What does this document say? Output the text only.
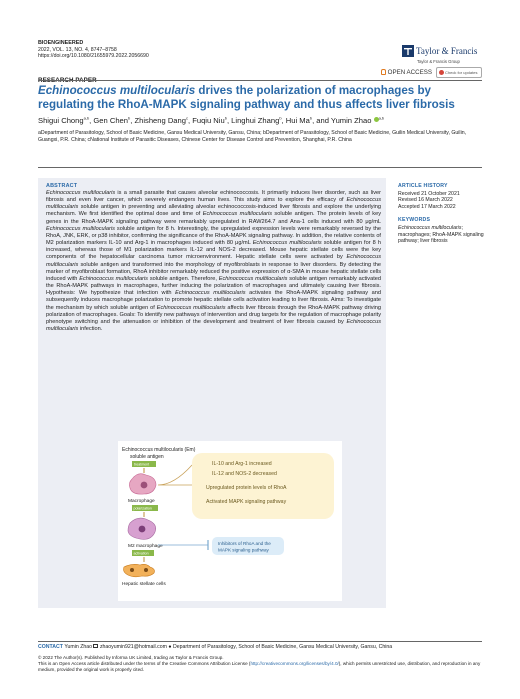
BIOENGINEERED
2022, VOL. 13, NO. 4, 8747–8758
https://doi.org/10.1080/21655979.2022.2056690
Taylor & Francis
Taylor & Francis Group
RESEARCH PAPER
OPEN ACCESS	Check for updates
Echinococcus multilocularis drives the polarization of macrophages by regulating the RhoA-MAPK signaling pathway and thus affects liver fibrosis
Shigui Chong$^{a,b}$, Gen Chen$^b$, Zhisheng Dang$^c$, Fuqiu Niu$^b$, Linghui Zhang$^b$, Hui Ma$^b$, and Yumin Zhao $^{a,b}$
aDepartment of Parasitology, School of Basic Medicine, Gansu Medical University, Gansu, China; bDepartment of Parasitology, School of Basic Medicine, Guilin Medical University, Guilin, Guangxi, P.R. China; cNational Institute of Parasitic Diseases, Chinese Center for Disease Control and Prevention, Shanghai, P.R. China
ABSTRACT
Echinococcus multilocularis is a small parasite that causes alveolar echinococcosis. It primarily induces liver disorder, such as liver fibrosis and even liver cancer, which severely endangers human lives. This study aims to explore the efficacy of Echinococcus multilocularis soluble antigen in preventing and alleviating alveolar echinococcosis-induced liver fibrosis and explore the underlying mechanism. We first identified the optimal dose and time of Echinococcus multilocularis soluble antigen. The protein levels of key genes in the RhoA-MAPK signaling pathway were remarkably upregulated in RAW264.7 and Ana-1 cells induced with 80 μg/mL Echinococcus multilocularis soluble antigen for 8 h. Interestingly, the upregulated expression levels were remarkably reversed by the RhoA, JNK, ERK, or p38 inhibitor, confirming the significance of the RhoA-MAPK signaling pathway. In addition, the relative contents of M2 polarization markers IL-10 and Arg-1 in macrophages induced with 80 μg/mL Echinococcus multilocularis soluble antigen for 8 h increased, whereas those of M1 polarization markers IL-12 and NOS-2 decreased. Mouse hepatic stellate cells were the key components of the hepatocellular carcinoma tumor microenvironment. Hepatic stellate cells were activated by Echinococcus multilocularis soluble antigen and transformed into the morphology of myofibroblasts in response to liver disorders. By detecting the marker of myofibroblast formation, RhoA inhibitor remarkably reduced the positive expression of α-SMA in mouse hepatic stellate cells induced with Echinococcus multilocularis soluble antigen. Therefore, Echinococcus multilocularis soluble antigen remarkably activated the RhoA-MAPK pathways in macrophages, further inducing the polarization of macrophages and ultimately causing liver fibrosis. Hypothesis: We hypothesize that infection with Echinococcus multilocularis activates the RhoA-MAPK signaling pathway and subsequently induces macrophage polarization to promote hepatic stellate cells activation leading to liver fibrosis. Aims: To investigate the mechanism by which soluble antigen of Echinococcus multilocularis affects liver fibrosis through the RhoA-MAPK pathway driving polarization of macrophages. Goals: To identify new pathways of intervention and drug targets for the regulation of macrophage polarity phenotype switching and the attenuation or inhibition of the development and treatment of liver fibrosis caused by Echinococcus multilocularis infection.
ARTICLE HISTORY
Received 21 October 2021
Revised 16 March 2022
Accepted 17 March 2022
KEYWORDS
Echinococcus multilocularis; macrophages; RhoA-MAPK signaling pathway; liver fibrosis
Echinococcus multilocularis (Em)
soluble antigen
treatment
Macrophage
polarization
M2 macrophage
activation
Hepatic stellate cells
IL-10 and Arg-1 increased
IL-12 and NOS-2 decreased
Upregulated protein levels of RhoA
Activated MAPK signaling pathway
Inhibitors of RhoA and the
MAPK signaling pathway
CONTACT Yumin Zhao zhaoyumin921@hotmail.com ● Department of Parasitology, School of Basic Medicine, Gansu Medical University, Gansu, China
© 2022 The Author(s). Published by Informa UK Limited, trading as Taylor & Francis Group.
This is an Open Access article distributed under the terms of the Creative Commons Attribution License (http://creativecommons.org/licenses/by/4.0/), which permits unrestricted use, distribution, and reproduction in any medium, provided the original work is properly cited.
